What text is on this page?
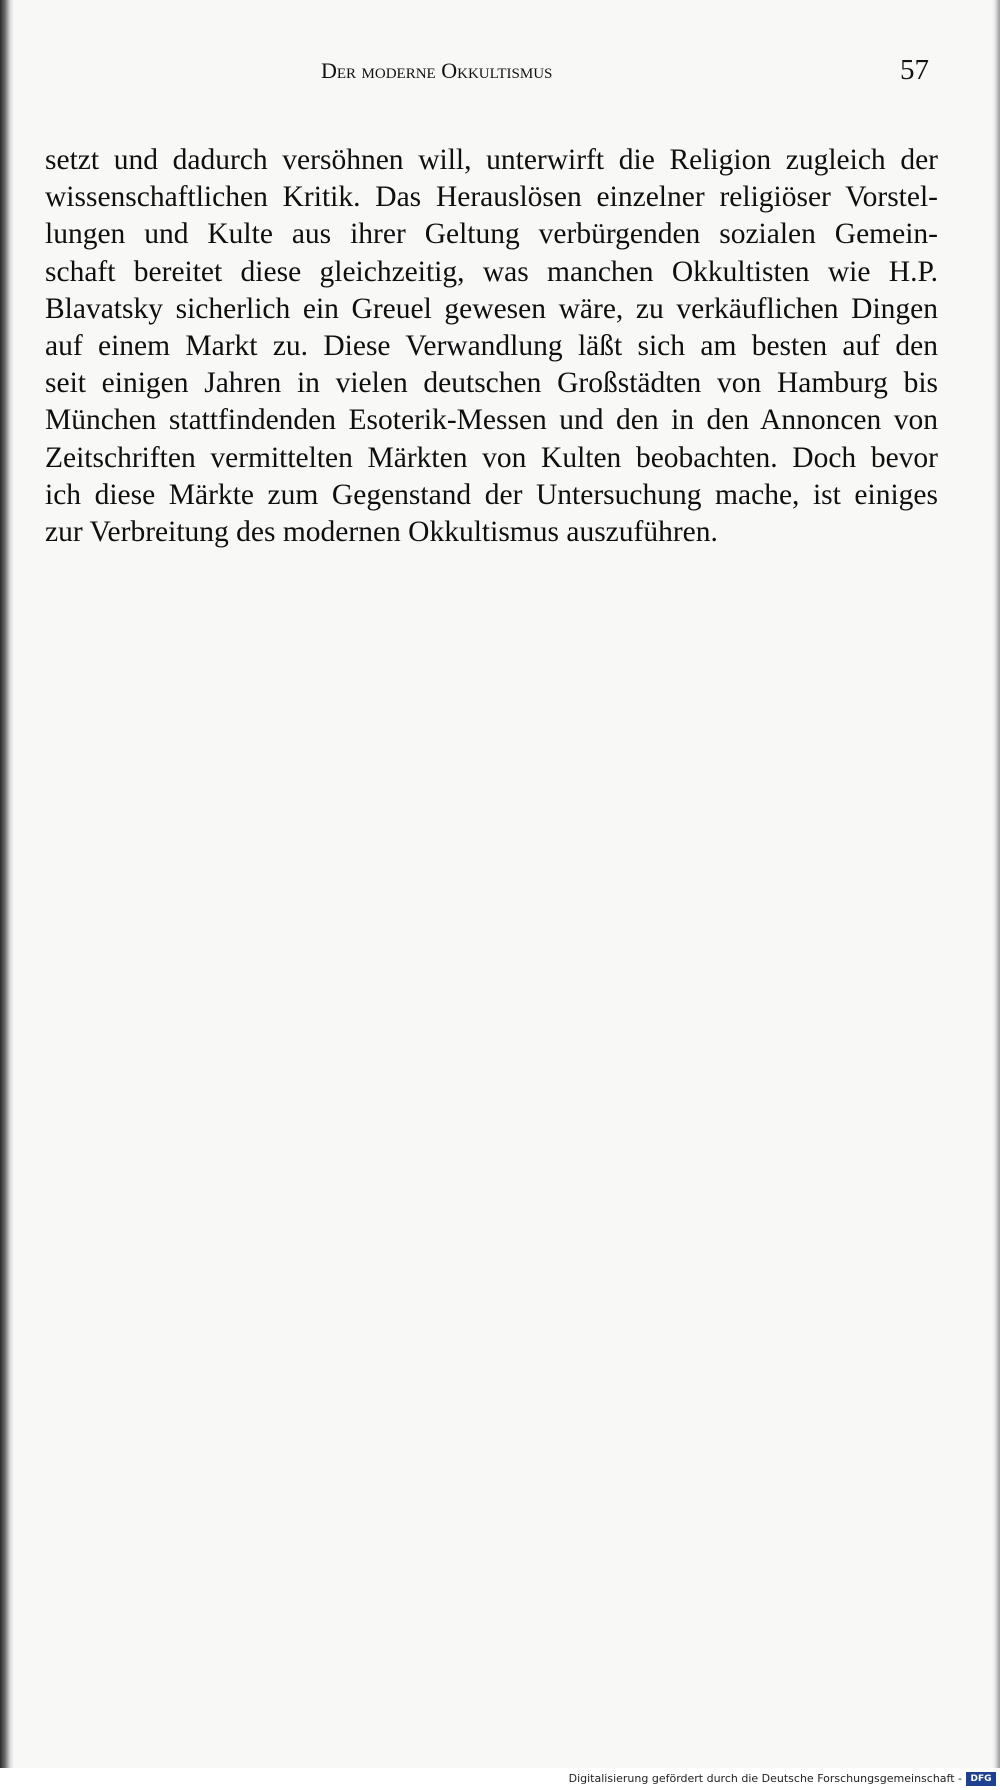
Der moderne Okkultismus	57
setzt und dadurch versöhnen will, unterwirft die Religion zugleich der
wissenschaftlichen Kritik. Das Herauslösen einzelner religiöser Vorstel-
lungen und Kulte aus ihrer Geltung verbürgenden sozialen Gemein-
schaft bereitet diese gleichzeitig, was manchen Okkultisten wie H.P.
Blavatsky sicherlich ein Greuel gewesen wäre, zu verkäuflichen Dingen
auf einem Markt zu. Diese Verwandlung läßt sich am besten auf den
seit einigen Jahren in vielen deutschen Großstädten von Hamburg bis
München stattfindenden Esoterik-Messen und den in den Annoncen von
Zeitschriften vermittelten Märkten von Kulten beobachten. Doch bevor
ich diese Märkte zum Gegenstand der Untersuchung mache, ist einiges
zur Verbreitung des modernen Okkultismus auszuführen.
Digitalisierung gefördert durch die Deutsche Forschungsgemeinschaft - DFG
